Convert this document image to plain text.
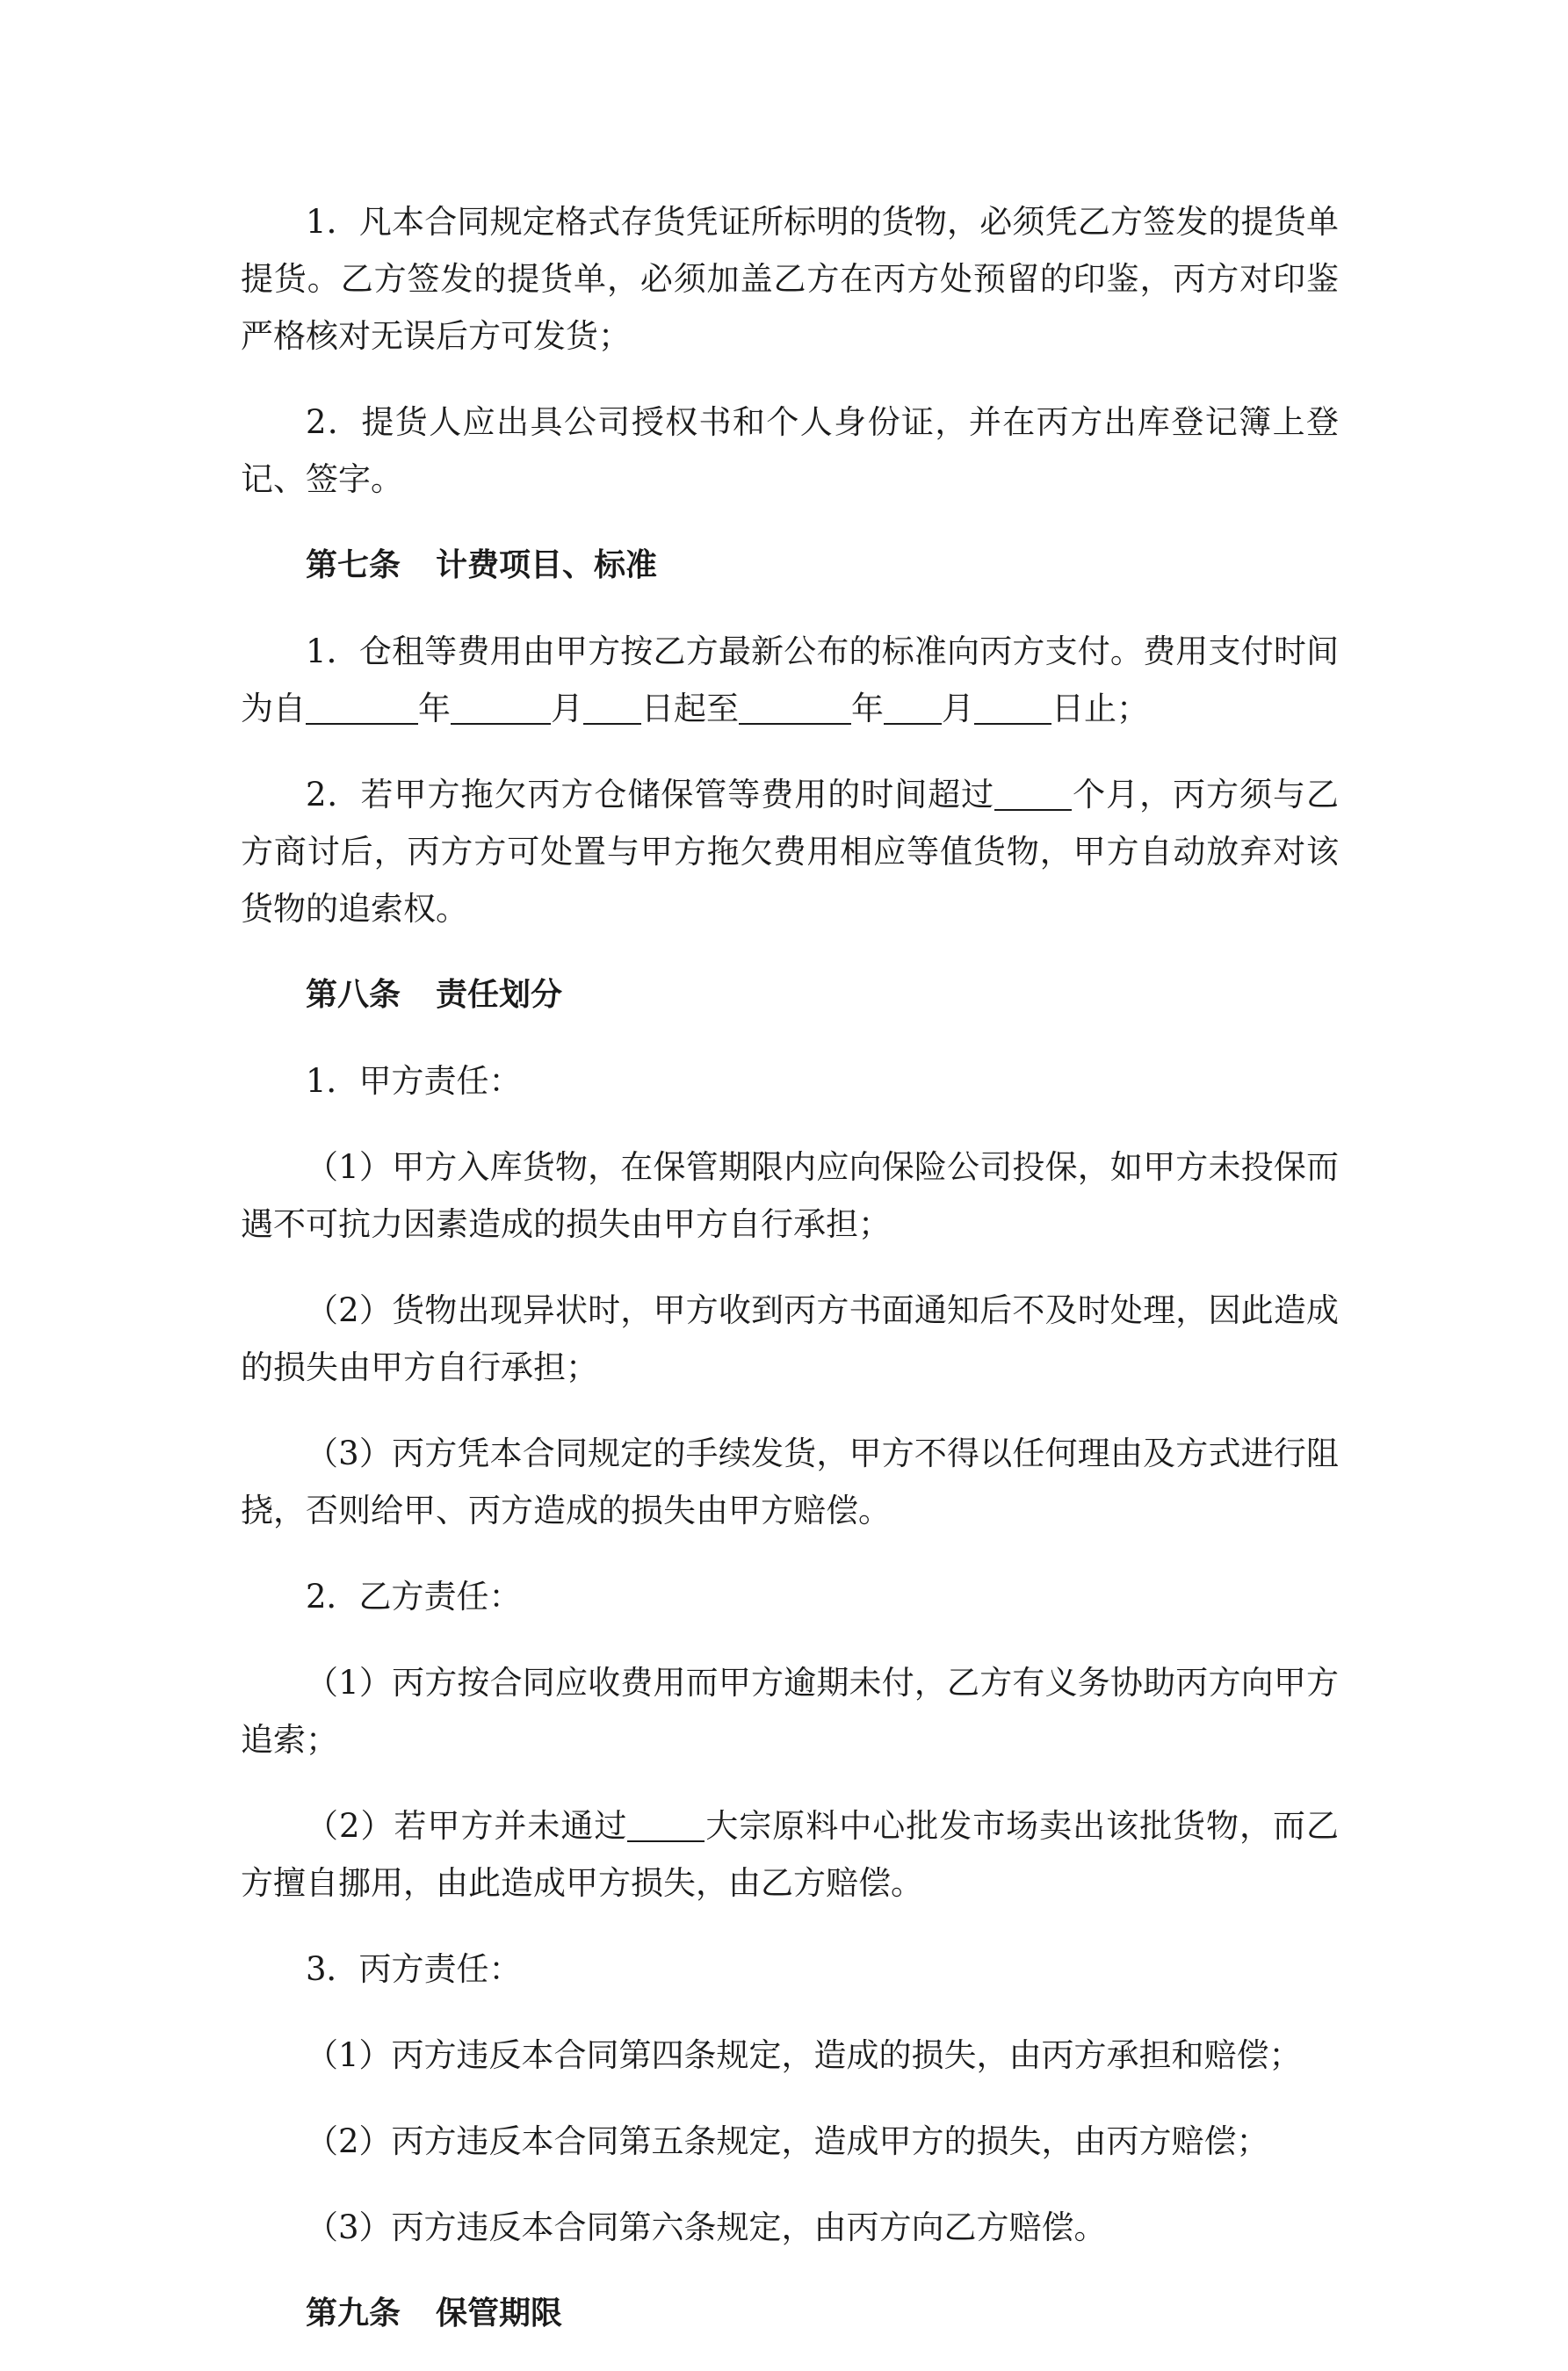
1．凡本合同规定格式存货凭证所标明的货物，必须凭乙方签发的提货单提货。乙方签发的提货单，必须加盖乙方在丙方处预留的印鉴，丙方对印鉴严格核对无误后方可发货；

2．提货人应出具公司授权书和个人身份证，并在丙方出库登记簿上登记、签字。

第七条 计费项目、标准

1．仓租等费用由甲方按乙方最新公布的标准向丙方支付。费用支付时间为自	年	月 日起至	年 月 日止；

2．若甲方拖欠丙方仓储保管等费用的时间超过 个月，丙方须与乙方商讨后，丙方方可处置与甲方拖欠费用相应等值货物，甲方自动放弃对该货物的追索权。

第八条 责任划分

1．甲方责任：

（1）甲方入库货物，在保管期限内应向保险公司投保，如甲方未投保而遇不可抗力因素造成的损失由甲方自行承担；

（2）货物出现异状时，甲方收到丙方书面通知后不及时处理，因此造成的损失由甲方自行承担；

（3）丙方凭本合同规定的手续发货，甲方不得以任何理由及方式进行阻挠，否则给甲、丙方造成的损失由甲方赔偿。

2．乙方责任：

（1）丙方按合同应收费用而甲方逾期未付，乙方有义务协助丙方向甲方追索；

（2）若甲方并未通过 大宗原料中心批发市场卖出该批货物，而乙方擅自挪用，由此造成甲方损失，由乙方赔偿。

3．丙方责任：

（1）丙方违反本合同第四条规定，造成的损失，由丙方承担和赔偿；

（2）丙方违反本合同第五条规定，造成甲方的损失，由丙方赔偿；

（3）丙方违反本合同第六条规定，由丙方向乙方赔偿。

第九条 保管期限
